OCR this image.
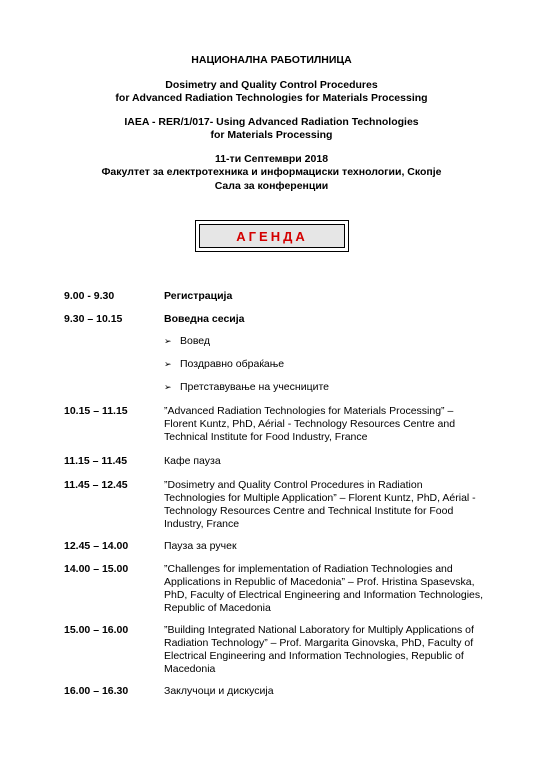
НАЦИОНАЛНА РАБОТИЛНИЦА
Dosimetry and Quality Control Procedures
for Advanced Radiation Technologies for Materials Processing
IAEA - RER/1/017- Using Advanced Radiation Technologies
for Materials Processing
11-ти Септември 2018
Факултет за електротехника и информациски технологии, Скопје
Сала за конференции
АГЕНДА
9.00 - 9.30	Регистрација
9.30 – 10.15	Воведна сесија
➢ Вовед
➢ Поздравно обраќање
➢ Претставување на учесниците
10.15 – 11.15	”Advanced Radiation Technologies for Materials Processing” – Florent Kuntz, PhD, Aérial - Technology Resources Centre and Technical Institute for Food Industry, France
11.15 – 11.45	Кафе пауза
11.45 – 12.45	”Dosimetry and Quality Control Procedures in Radiation Technologies for Multiple Application” – Florent Kuntz, PhD, Aérial - Technology Resources Centre and Technical Institute for Food Industry, France
12.45 – 14.00	Пауза за ручек
14.00 – 15.00	”Challenges for implementation of Radiation Technologies and Applications in Republic of Macedonia” – Prof. Hristina Spasevska, PhD, Faculty of Electrical Engineering and Information Technologies, Republic of Macedonia
15.00 – 16.00	”Building Integrated National Laboratory for Multiply Applications of Radiation Technology” – Prof. Margarita Ginovska, PhD, Faculty of Electrical Engineering and Information Technologies, Republic of Macedonia
16.00 – 16.30	Заклучоци и дискусија
